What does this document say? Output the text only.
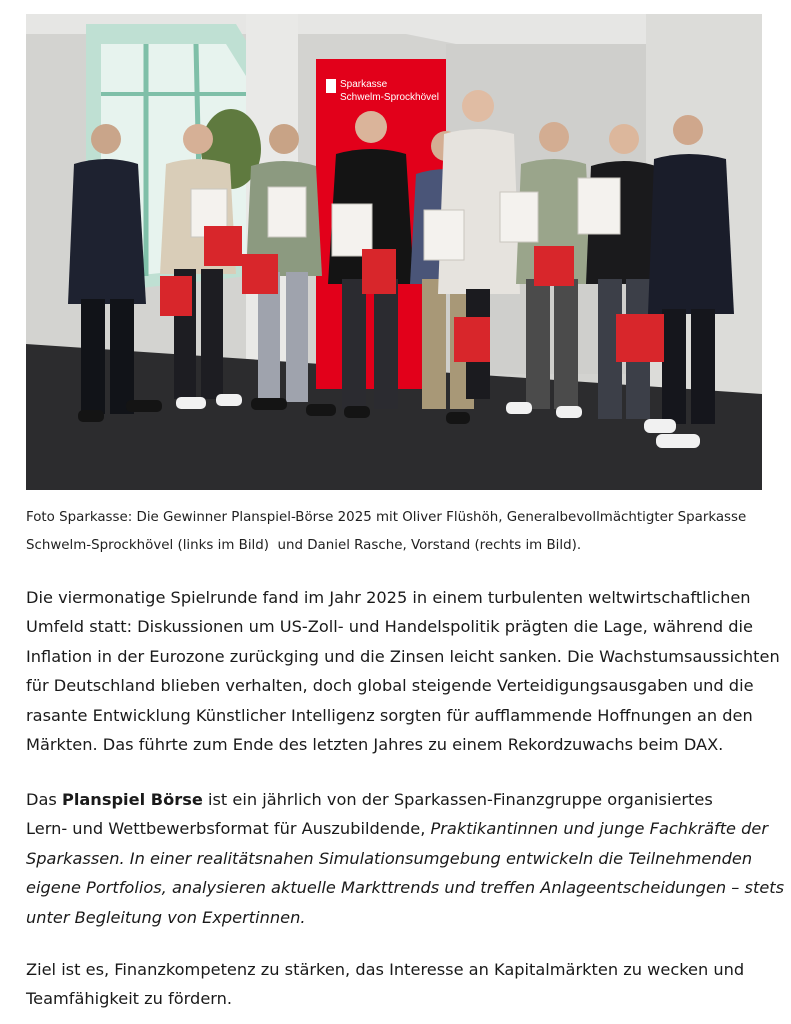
Sparkasse
Schwelm-Sprockhövel
Foto Sparkasse: Die Gewinner Planspiel-Börse 2025 mit Oliver Flüshöh, Generalbevollmächtigter Sparkasse
Schwelm-Sprockhövel (links im Bild)  und Daniel Rasche, Vorstand (rechts im Bild).
Die viermonatige Spielrunde fand im Jahr 2025 in einem turbulenten weltwirtschaftlichen
Umfeld statt: Diskussionen um US-Zoll- und Handelspolitik prägten die Lage, während die
Inflation in der Eurozone zurückging und die Zinsen leicht sanken. Die Wachstumsaussichten
für Deutschland blieben verhalten, doch global steigende Verteidigungsausgaben und die
rasante Entwicklung Künstlicher Intelligenz sorgten für aufflammende Hoffnungen an den
Märkten. Das führte zum Ende des letzten Jahres zu einem Rekordzuwachs beim DAX.
Das Planspiel Börse ist ein jährlich von der Sparkassen-Finanzgruppe organisiertes
Lern- und Wettbewerbsformat für Auszubildende, Praktikantinnen und junge Fachkräfte der
Sparkassen. In einer realitätsnahen Simulationsumgebung entwickeln die Teilnehmenden
eigene Portfolios, analysieren aktuelle Markttrends und treffen Anlageentscheidungen – stets
unter Begleitung von Expertinnen.
Ziel ist es, Finanzkompetenz zu stärken, das Interesse an Kapitalmärkten zu wecken und
Teamfähigkeit zu fördern.
